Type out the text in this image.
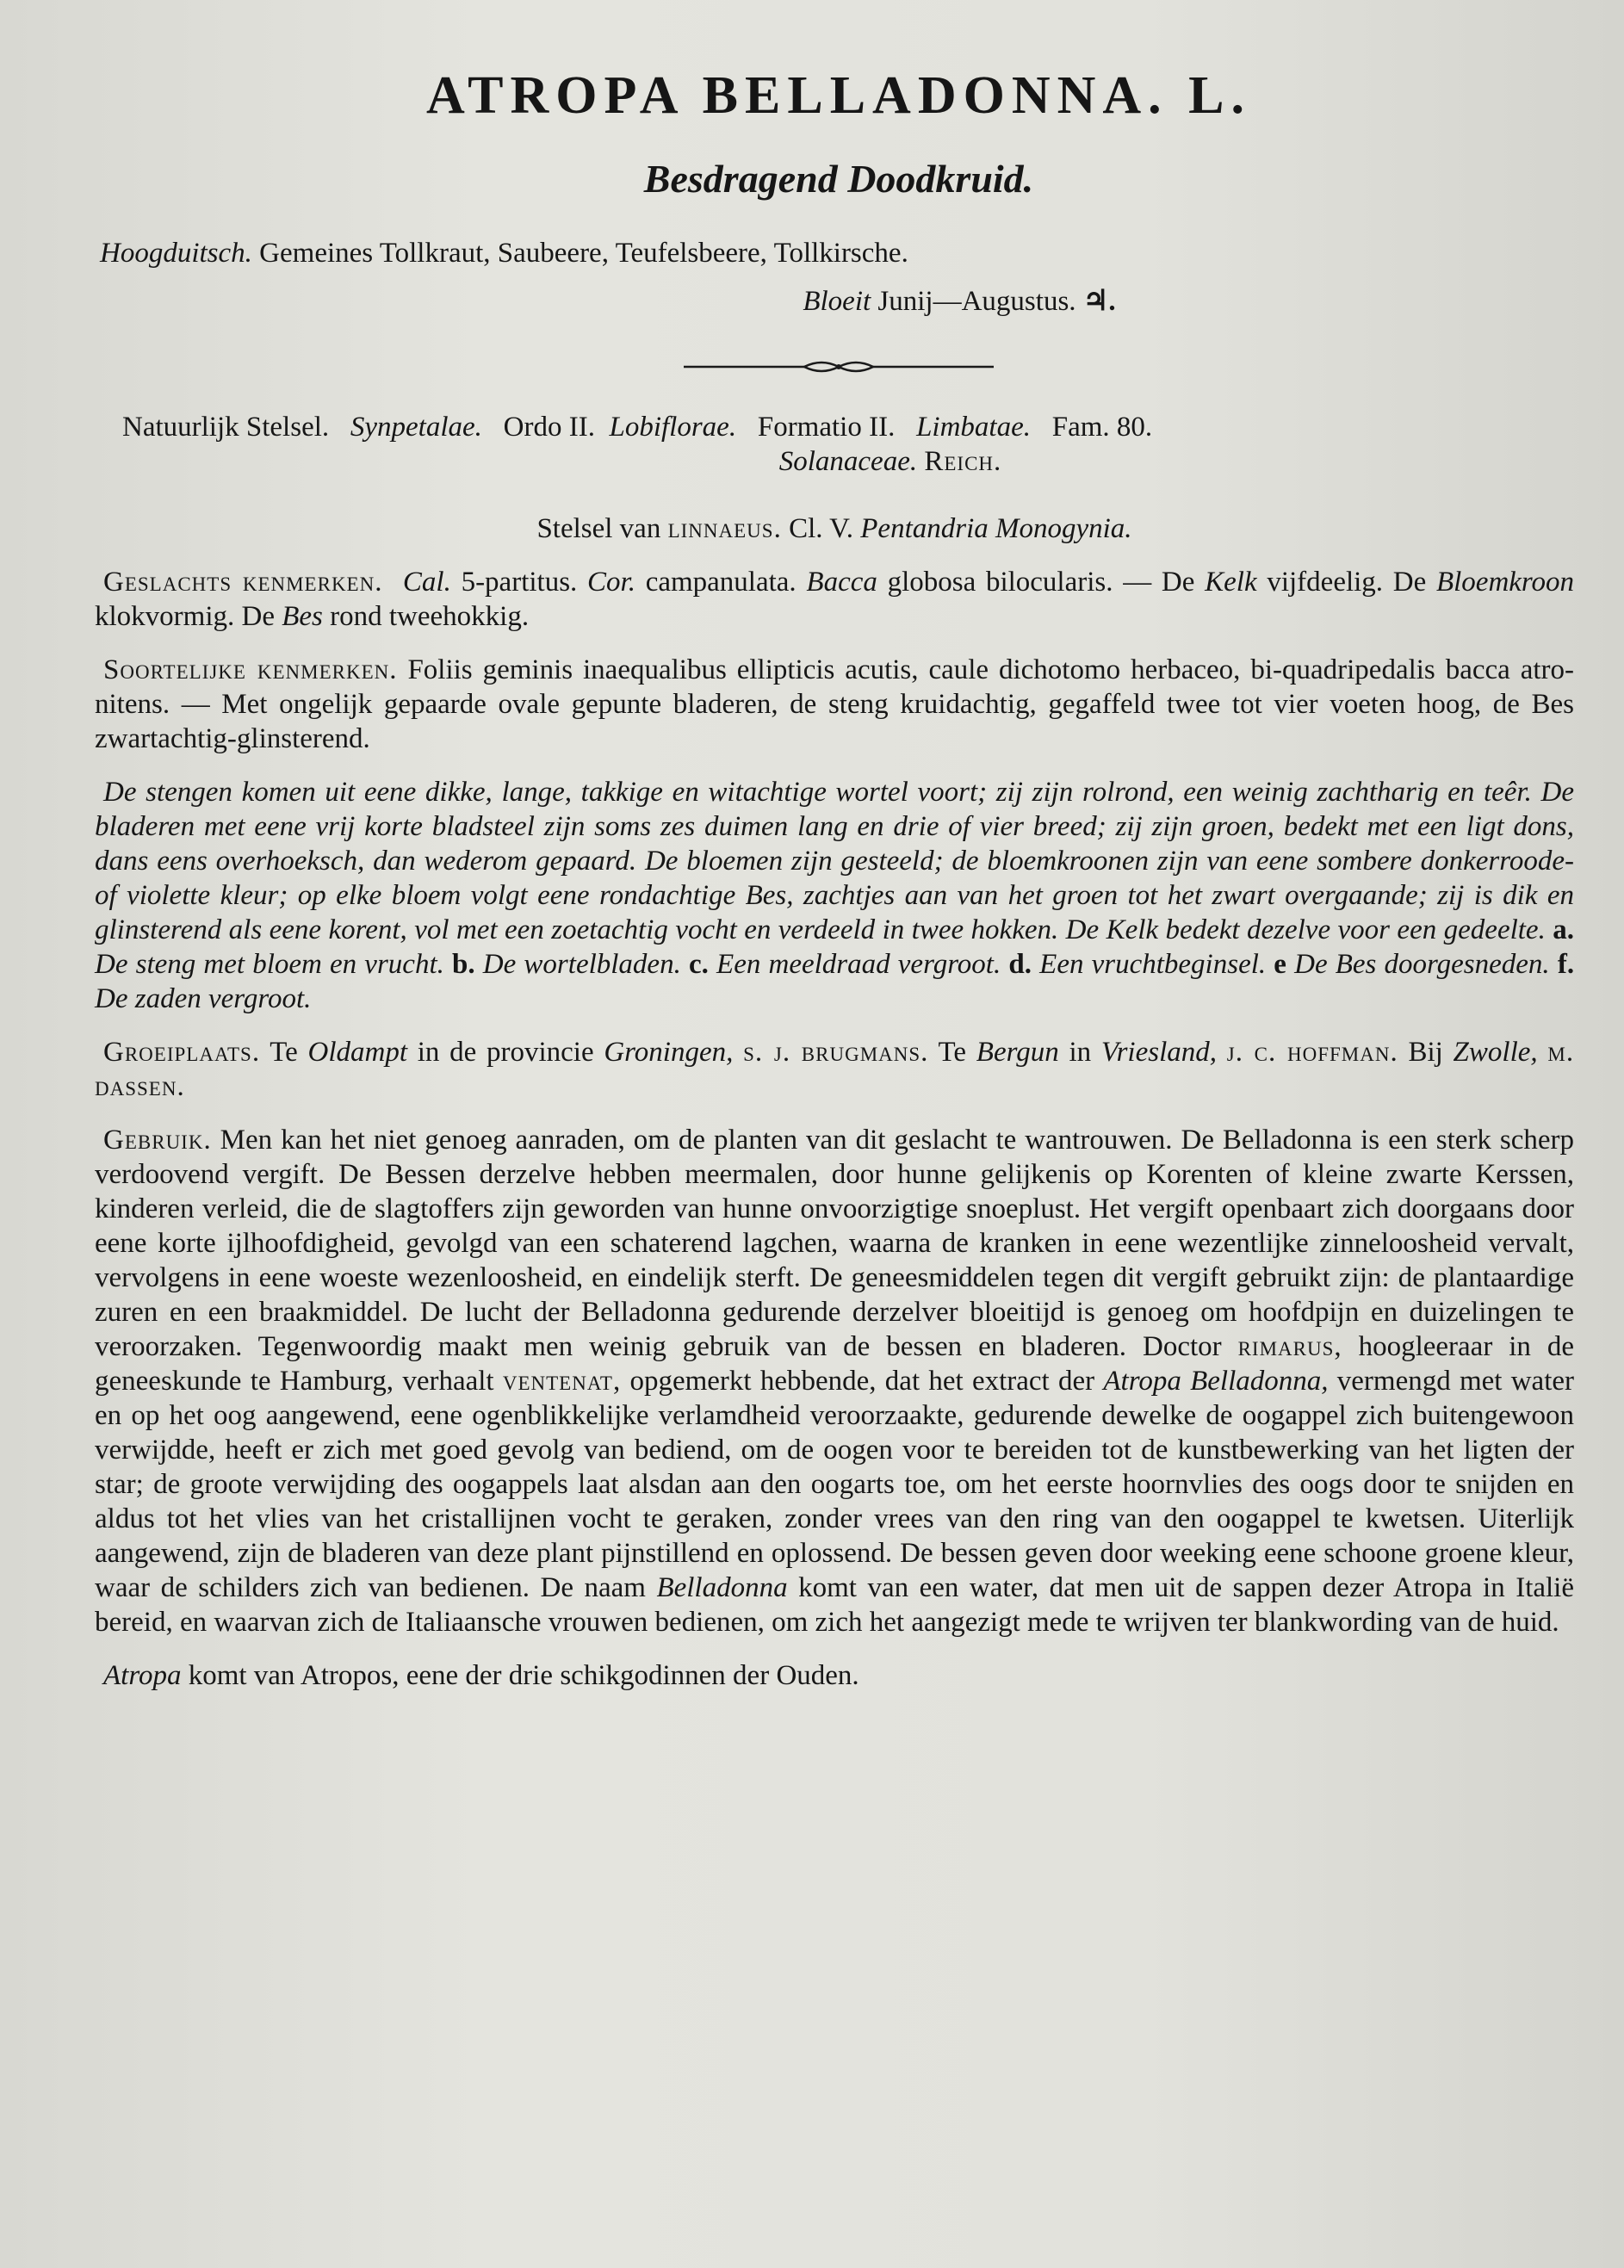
ATROPA BELLADONNA. L.
Besdragend Doodkruid.
Hoogduitsch. Gemeines Tollkraut, Saubeere, Teufelsbeere, Tollkirsche.
Bloeit Junij—Augustus. ♃.

Natuurlijk Stelsel. Synpetalae. Ordo II. Lobiflorae. Formatio II. Limbatae. Fam. 80.

Solanaceae. Reich.

Stelsel van linnaeus. Cl. V. Pentandria Monogynia.

Geslachts kenmerken. Cal. 5-partitus. Cor. campanulata. Bacca globosa bilocularis. — De Kelk vijfdeelig. De Bloemkroon klokvormig. De Bes rond tweehokkig.

Soortelijke kenmerken. Foliis geminis inaequalibus ellipticis acutis, caule dichotomo herbaceo, bi-quadripedalis bacca atro-nitens. — Met ongelijk gepaarde ovale gepunte bladeren, de steng kruidachtig, gegaffeld twee tot vier voeten hoog, de Bes zwartachtig-glinsterend.

De stengen komen uit eene dikke, lange, takkige en witachtige wortel voort; zij zijn rolrond, een weinig zachtharig en teêr. De bladeren met eene vrij korte bladsteel zijn soms zes duimen lang en drie of vier breed; zij zijn groen, bedekt met een ligt dons, dans eens overhoeksch, dan wederom gepaard. De bloemen zijn gesteeld; de bloemkroonen zijn van eene sombere donkerroode- of violette kleur; op elke bloem volgt eene rondachtige Bes, zachtjes aan van het groen tot het zwart overgaande; zij is dik en glinsterend als eene korent, vol met een zoetachtig vocht en verdeeld in twee hokken. De Kelk bedekt dezelve voor een gedeelte. a. De steng met bloem en vrucht. b. De wortelbladen. c. Een meeldraad vergroot. d. Een vruchtbeginsel. e De Bes doorgesneden. f. De zaden vergroot.

Groeiplaats. Te Oldampt in de provincie Groningen, s. j. brugmans. Te Bergun in Vriesland, j. c. hoffman. Bij Zwolle, m. dassen.

Gebruik. Men kan het niet genoeg aanraden, om de planten van dit geslacht te wantrouwen. De Belladonna is een sterk scherp verdoovend vergift. De Bessen derzelve hebben meermalen, door hunne gelijkenis op Korenten of kleine zwarte Kerssen, kinderen verleid, die de slagtoffers zijn geworden van hunne onvoorzigtige snoeplust. Het vergift openbaart zich doorgaans door eene korte ijlhoofdigheid, gevolgd van een schaterend lagchen, waarna de kranken in eene wezentlijke zinneloosheid vervalt, vervolgens in eene woeste wezenloosheid, en eindelijk sterft. De geneesmiddelen tegen dit vergift gebruikt zijn: de plantaardige zuren en een braakmiddel. De lucht der Belladonna gedurende derzelver bloeitijd is genoeg om hoofdpijn en duizelingen te veroorzaken. Tegenwoordig maakt men weinig gebruik van de bessen en bladeren. Doctor rimarus, hoogleeraar in de geneeskunde te Hamburg, verhaalt ventenat, opgemerkt hebbende, dat het extract der Atropa Belladonna, vermengd met water en op het oog aangewend, eene ogenblikkelijke verlamdheid veroorzaakte, gedurende dewelke de oogappel zich buitengewoon verwijdde, heeft er zich met goed gevolg van bediend, om de oogen voor te bereiden tot de kunstbewerking van het ligten der star; de groote verwijding des oogappels laat alsdan aan den oogarts toe, om het eerste hoornvlies des oogs door te snijden en aldus tot het vlies van het cristallijnen vocht te geraken, zonder vrees van den ring van den oogappel te kwetsen. Uiterlijk aangewend, zijn de bladeren van deze plant pijnstillend en oplossend. De bessen geven door weeking eene schoone groene kleur, waar de schilders zich van bedienen. De naam Belladonna komt van een water, dat men uit de sappen dezer Atropa in Italië bereid, en waarvan zich de Italiaansche vrouwen bedienen, om zich het aangezigt mede te wrijven ter blankwording van de huid.

Atropa komt van Atropos, eene der drie schikgodinnen der Ouden.
